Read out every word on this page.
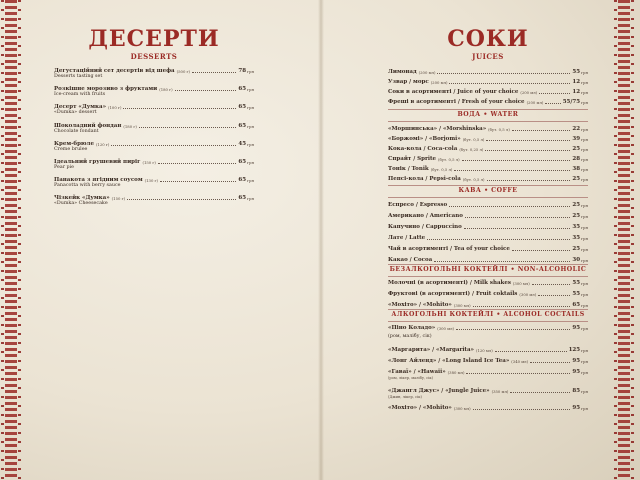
ДЕСЕРТИ
DESSERTS
Дегустаційний сет десертів від шефа (500 г)	78 грн
Desserts tasting set
Розкішне морозиво з фруктами (180 г)	65 грн
Ice-cream with fruits
Десерт «Думка» (100 г)	65 грн
«Dumka» dessert
Шоколадний фондан (180 г)	65 грн
Chocolate fondant
Крем-брюле (120 г)	45 грн
Creme brulee
Ідеальний грушевий пиріг (150 г)	65 грн
Pear pie
Панакота з ягідним соусом (130 г)	65 грн
Panacotta with berry sauce
Чізкейк «Думка» (150 г)	65 грн
«Dumka» Cheesecake
СОКИ
JUICES
Лимонад (200 мл)	55 грн
Узвар / морс (200 мл)	12 грн
Соки в асортименті / Juice of your choice (200 мл)	12 грн
Фреші в асортименті / Fresh of your choice (200 мл)	55/75 грн
ВОДА • WATER
«Моршинська» / «Morshinska» (бут. 0,5 л)	22 грн
«Боржомі» / «Borjomi» (бут. 0,5 л)	39 грн
Кока-кола / Coca-cola (бут. 0,25 л)	25 грн
Спрайт / Sprite (бут. 0,5 л)	28 грн
Тонік / Tonik (бут. 0,5 л)	38 грн
Пепсі-кола / Pepsi-cola (бут. 0,5 л)	25 грн
КАВА • COFFE
Еспресо / Espresso	25 грн
Американо / Americano	25 грн
Капучино / Cappuccino	35 грн
Лате / Latte	35 грн
Чай в асортименті / Tea of your choice	25 грн
Какао / Cocoa	30 грн
БЕЗАЛКОГОЛЬНІ КОКТЕЙЛІ • NON-ALCOHOLIC
Молочні (в асортименті) / Milk shakes (300 мл)	55 грн
Фруктові (в асортименті) / Fruit coktails (300 мл)	55 грн
«Мохіто» / «Mohito» (300 мл)	65 грн
АЛКОГОЛЬНІ КОКТЕЙЛІ • ALCOHOL COCTAILS
«Піно Коладо» (300 мл)	95 грн
(ром, малібу, сік)
«Маргарита» / «Margarita» (120 мл)	125 грн
«Лонг Айленд» / «Long Island Ice Tea» (340 мл)	95 грн
«Гаваї» / «Hawaii» (380 мл)	95 грн
(ром, лікер, малібу, сік)
«Джангл Джус» / «Jungle Juice» (350 мл)	85 грн
(Джин, лікер, сік)
«Мохіто» / «Mohito» (300 мл)	95 грн
